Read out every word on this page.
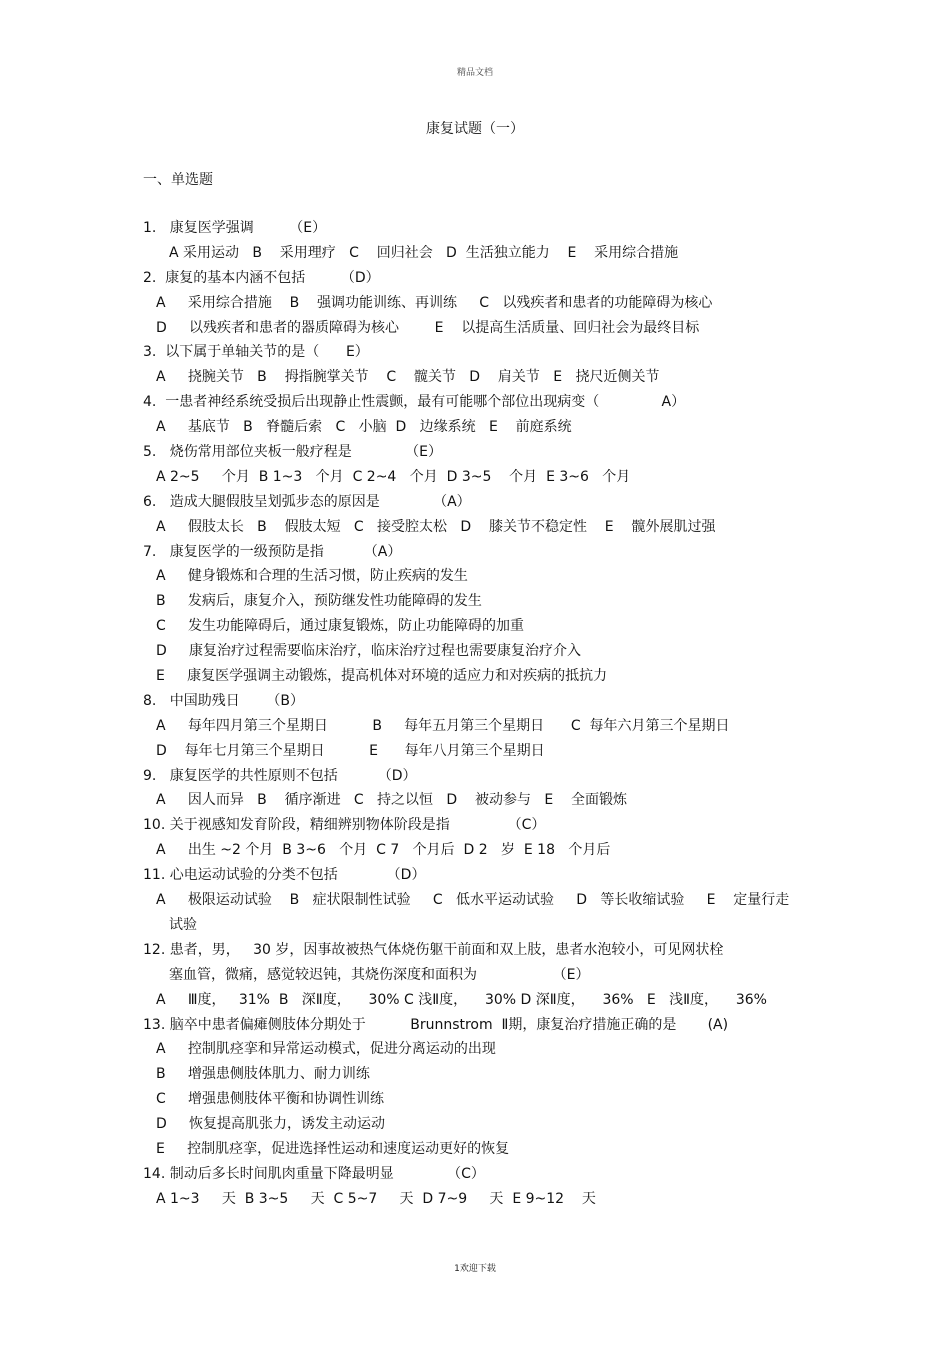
精品文档
康复试题（一）
一、单选题
1.   康复医学强调        （E）
A 采用运动   B    采用理疗   C    回归社会   D  生活独立能力    E    采用综合措施
2.  康复的基本内涵不包括        （D）
A     采用综合措施    B    强调功能训练、再训练     C   以残疾者和患者的功能障碍为核心
D     以残疾者和患者的器质障碍为核心        E    以提高生活质量、回归社会为最终目标
3.  以下属于单轴关节的是（      E）
A     挠腕关节   B    拇指腕掌关节    C    髋关节   D    肩关节   E   挠尺近侧关节
4.  一患者神经系统受损后出现静止性震颤，最有可能哪个部位出现病变（              A）
A     基底节   B   脊髓后索   C   小脑  D   边缘系统   E    前庭系统
5.   烧伤常用部位夹板一般疗程是            （E）
A 2~5     个月  B 1~3   个月  C 2~4   个月  D 3~5    个月  E 3~6   个月
6.   造成大腿假肢呈划弧步态的原因是            （A）
A     假肢太长   B    假肢太短   C   接受腔太松   D    膝关节不稳定性    E    髋外展肌过强
7.   康复医学的一级预防是指         （A）
A     健身锻炼和合理的生活习惯，防止疾病的发生
B     发病后，康复介入，预防继发性功能障碍的发生
C     发生功能障碍后，通过康复锻炼，防止功能障碍的加重
D     康复治疗过程需要临床治疗，临床治疗过程也需要康复治疗介入
E     康复医学强调主动锻炼，提高机体对环境的适应力和对疾病的抵抗力
8.   中国助残日      （B）
A     每年四月第三个星期日          B     每年五月第三个星期日      C  每年六月第三个星期日
D    每年七月第三个星期日          E      每年八月第三个星期日
9.   康复医学的共性原则不包括         （D）
A     因人而异   B    循序渐进   C   持之以恒   D    被动参与   E    全面锻炼
10. 关于视感知发育阶段，精细辨别物体阶段是指             （C）
A     出生 ~2 个月  B 3~6   个月  C 7   个月后  D 2   岁  E 18   个月后
11. 心电运动试验的分类不包括           （D）
A     极限运动试验    B   症状限制性试验     C   低水平运动试验     D   等长收缩试验     E    定量行走
试验
12. 患者，男，   30 岁，因事故被热气体烧伤躯干前面和双上肢，患者水泡较小，可见网状栓
塞血管，微痛，感觉较迟钝，其烧伤深度和面积为                 （E）
A     Ⅲ度，   31%  B   深Ⅱ度，    30% C 浅Ⅱ度，    30% D 深Ⅱ度，    36%   E   浅Ⅱ度，    36%
13. 脑卒中患者偏瘫侧肢体分期处于          Brunnstrom  Ⅱ期，康复治疗措施正确的是       (A)
A     控制肌痉挛和异常运动模式，促进分离运动的出现
B     增强患侧肢体肌力、耐力训练
C     增强患侧肢体平衡和协调性训练
D     恢复提高肌张力，诱发主动运动
E     控制肌痉挛，促进选择性运动和速度运动更好的恢复
14. 制动后多长时间肌肉重量下降最明显            （C）
A 1~3     天  B 3~5     天  C 5~7     天  D 7~9     天  E 9~12    天
1欢迎下载
